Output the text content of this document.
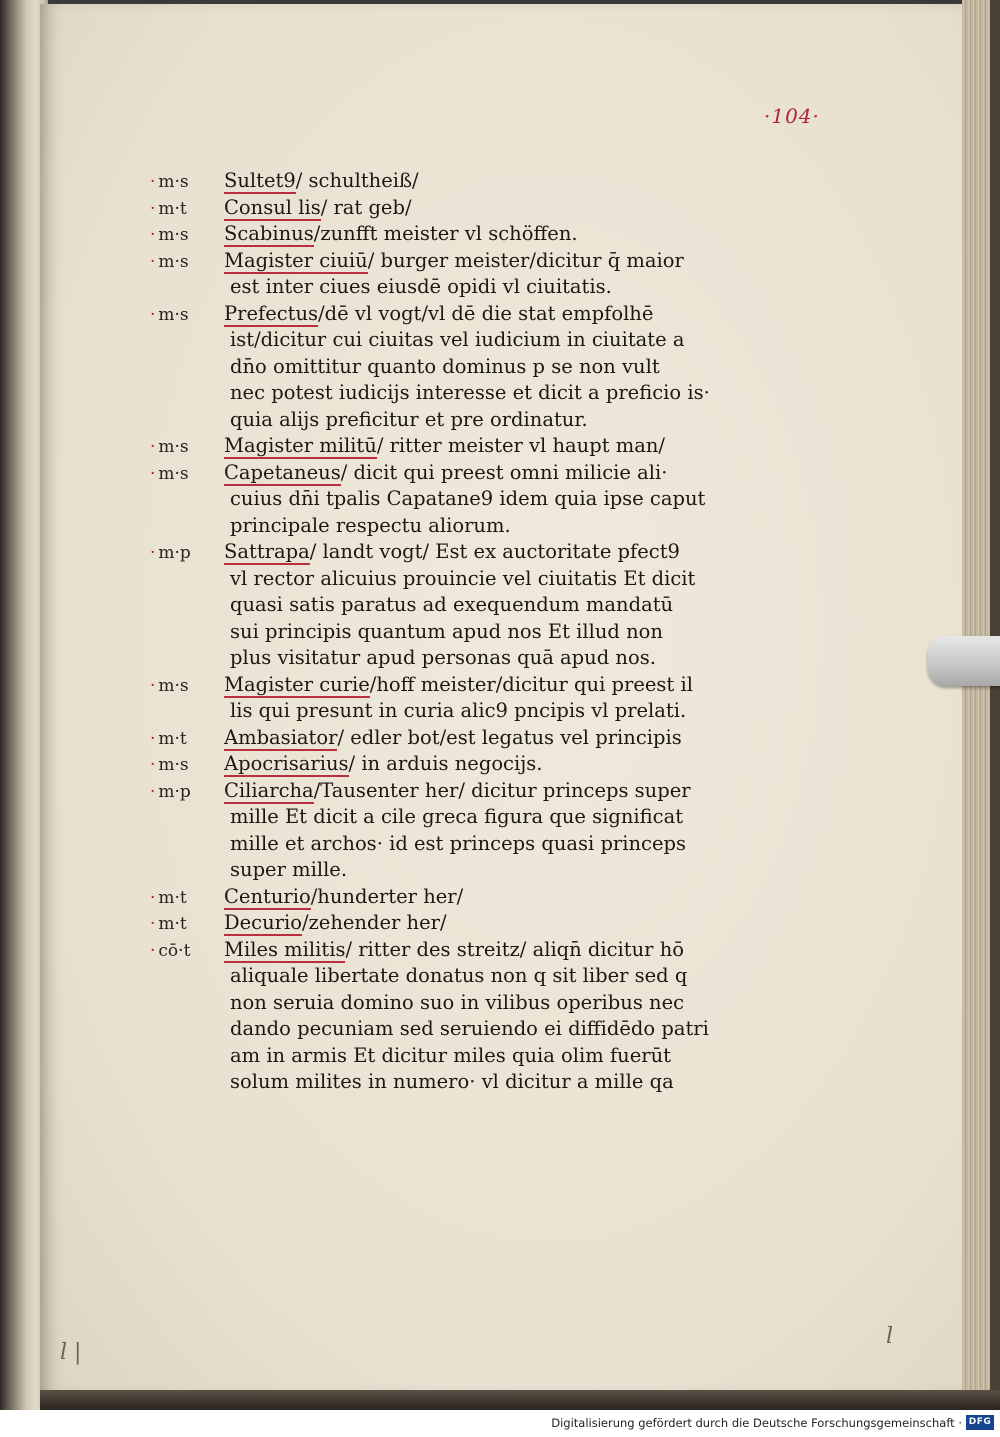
·104·
· m·s Sultet9/ schultheiß/
· m·t Consul lis/ rat geb/
· m·s Scabinus/zunfft meister vl schöffen.
· m·s Magister ciuiū/ burger meister/dicitur q̄ maior
est inter ciues eiusdē opidi vl ciuitatis.
· m·s Prefectus/dē vl vogt/vl dē die stat empfolhē
ist/dicitur cui ciuitas vel iudicium in ciuitate a
dn̄o omittitur quanto dominus p se non vult
nec potest iudicijs interesse et dicit a preficio is·
quia alijs preficitur et pre ordinatur.
· m·s Magister militū/ ritter meister vl haupt man/
· m·s Capetaneus/ dicit qui preest omni milicie ali·
cuius dn̄i tpalis Capatane9 idem quia ipse caput
principale respectu aliorum.
· m·p Sattrapa/ landt vogt/ Est ex auctoritate pfect9
vl rector alicuius prouincie vel ciuitatis Et dicit
quasi satis paratus ad exequendum mandatū
sui principis quantum apud nos Et illud non
plus visitatur apud personas quā apud nos.
· m·s Magister curie/hoff meister/dicitur qui preest il
lis qui presunt in curia alic9 pncipis vl prelati.
· m·t Ambasiator/ edler bot/est legatus vel principis
· m·s Apocrisarius/ in arduis negocijs.
· m·p Ciliarcha/Tausenter her/ dicitur princeps super
mille Et dicit a cile greca figura que significat
mille et archos· id est princeps quasi princeps
super mille.
· m·t Centurio/hunderter her/
· m·t Decurio/zehender her/
· cō·t Miles militis/ ritter des streitz/ aliqn̄ dicitur hō
aliquale libertate donatus non q sit liber sed q
non seruia domino suo in vilibus operibus nec
dando pecuniam sed seruiendo ei diffidēdo patri
am in armis Et dicitur miles quia olim fuerūt
solum milites in numero· vl dicitur a mille qa
l |
l
Digitalisierung gefördert durch die Deutsche Forschungsgemeinschaft · DFG
